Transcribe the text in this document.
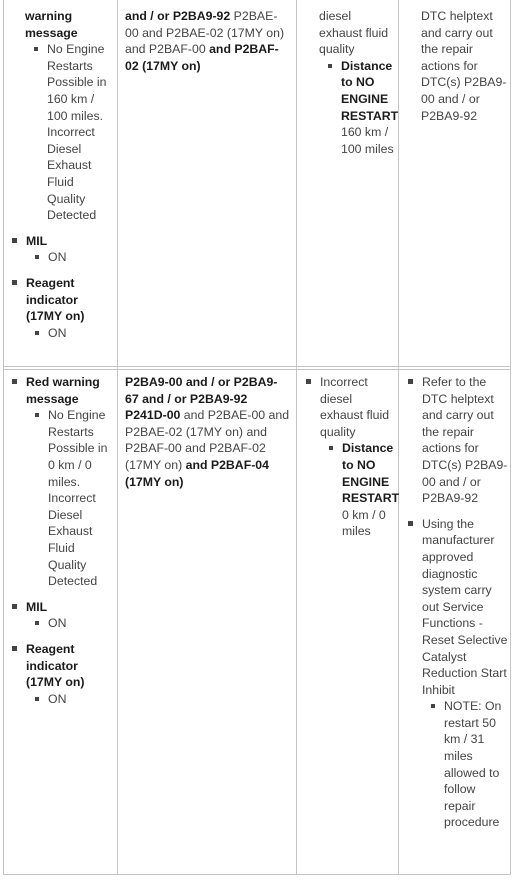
warning message
No Engine Restarts Possible in 160 km / 100 miles. Incorrect Diesel Exhaust Fluid Quality Detected
MIL
ON
Reagent indicator (17MY on)
ON
and / or P2BA9-92 P2BAE-00 and P2BAE-02 (17MY on) and P2BAF-00 and P2BAF-02 (17MY on)
diesel exhaust fluid quality
Distance to NO ENGINE RESTART
160 km / 100 miles
DTC helptext and carry out the repair actions for DTC(s) P2BA9-00 and / or P2BA9-92
Red warning message
No Engine Restarts Possible in 0 km / 0 miles. Incorrect Diesel Exhaust Fluid Quality Detected
MIL
ON
Reagent indicator (17MY on)
ON
P2BA9-00 and / or P2BA9-67 and / or P2BA9-92 P241D-00 and P2BAE-00 and P2BAE-02 (17MY on) and P2BAF-00 and P2BAF-02 (17MY on) and P2BAF-04 (17MY on)
Incorrect diesel exhaust fluid quality
Distance to NO ENGINE RESTART
0 km / 0 miles
Refer to the DTC helptext and carry out the repair actions for DTC(s) P2BA9-00 and / or P2BA9-92
Using the manufacturer approved diagnostic system carry out Service Functions - Reset Selective Catalyst Reduction Start Inhibit
NOTE: On restart 50 km / 31 miles allowed to follow repair procedure
